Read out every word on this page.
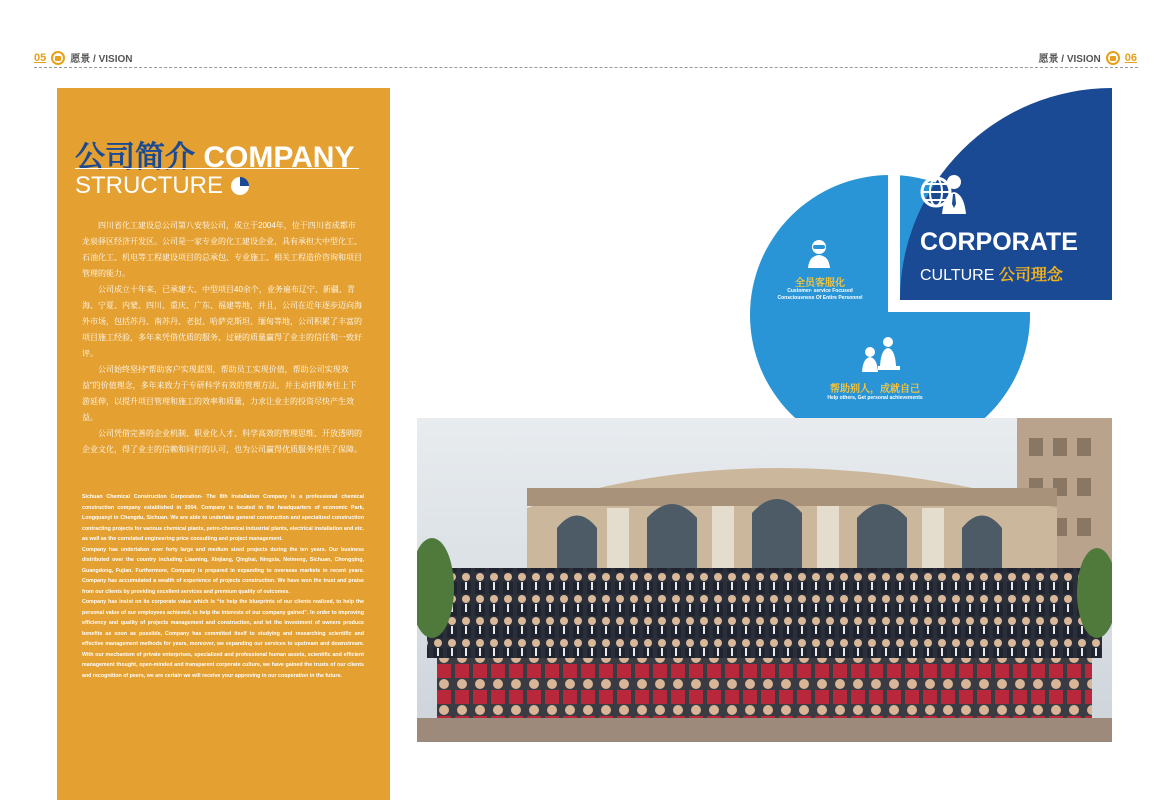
05 愿景 / VISION	愿景 / VISION 06
公司简介 COMPANY
STRUCTURE

四川省化工建设总公司第八安装公司，成立于2004年，位于四川省成都市龙泉驿区经济开发区。公司是一家专业的化工建设企业，具有承担大中型化工、石油化工、机电等工程建设项目的总承包、专业施工、相关工程造价咨询和项目管理的能力。

公司成立十年来，已承建大、中型项目40余个，业务遍布辽宁、新疆、青海、宁夏、内蒙、四川、重庆、广东、福建等地，并且，公司在近年逐步迈向海外市场，包括苏丹、南苏丹、老挝、哈萨克斯坦、缅甸等地，公司积累了丰富的项目施工经验，多年来凭借优质的服务、过硬的质量赢得了业主的信任和一致好评。

公司始终坚持“帮助客户实现蓝图，帮助员工实现价值，帮助公司实现效益”的价值理念，多年来致力于专研科学有效的管理方法，并主动将服务往上下游延伸，以提升项目管理和施工的效率和质量，力求让业主的投资尽快产生效益。

公司凭借完善的企业机制、职业化人才、科学高效的管理思维、开放透明的企业文化，得了业主的信赖和同行的认可，也为公司赢得优质服务提供了保障。

Sichuan Chemical Construction Corporation- The 8th Installation Company is a professional chemical construction company established in 2004. Company is located in the headquarters of economic Park, Longquanyi in Chengdu, Sichuan. We are able to undertake general construction and specialized construction contracting projects for various chemical plants, petro-chemical industrial plants, electrical installation and etc. as well as the correlated engineering price consulting and project management.

Company has undertaken over forty large and medium sized projects during the ten years. Our business distributed over the country including Liaoning, Xinjiang, Qinghai, Ningxia, Neimeng, Sichuan, Chongqing, Guangdong, Fujian. Furthermore, Company is prepared in expanding to overseas markets in recent years. Company has accumulated a wealth of experience of projects construction. We have won the trust and praise from our clients by providing excellent services and premium quality of outcomes.

Company has insist on its corporate value which is “to help the blueprints of our clients realized, to help the personal value of our employees achieved, to help the interests of our company gained”. In order to improving efficiency and quality of projects management and construction, and let the investment of owners produce benefits as soon as possible, Company has committed itself to studying and researching scientific and effective management methods for years, moreover, we expanding our services to upstream and downstream. With our mechanism of private enterprises, specialized and professional human assets, scientific and efficient management thought, open-minded and transparent corporate culture, we have gained the trusts of our clients and recognition of peers, we are certain we will receive your approving in our cooperation in the future.

CORPORATE
CULTURE 公司理念
全员客服化
Customer- service Focused
Consciousness Of Entire Personnel
帮助别人，成就自己
Help others, Get personal achievements
